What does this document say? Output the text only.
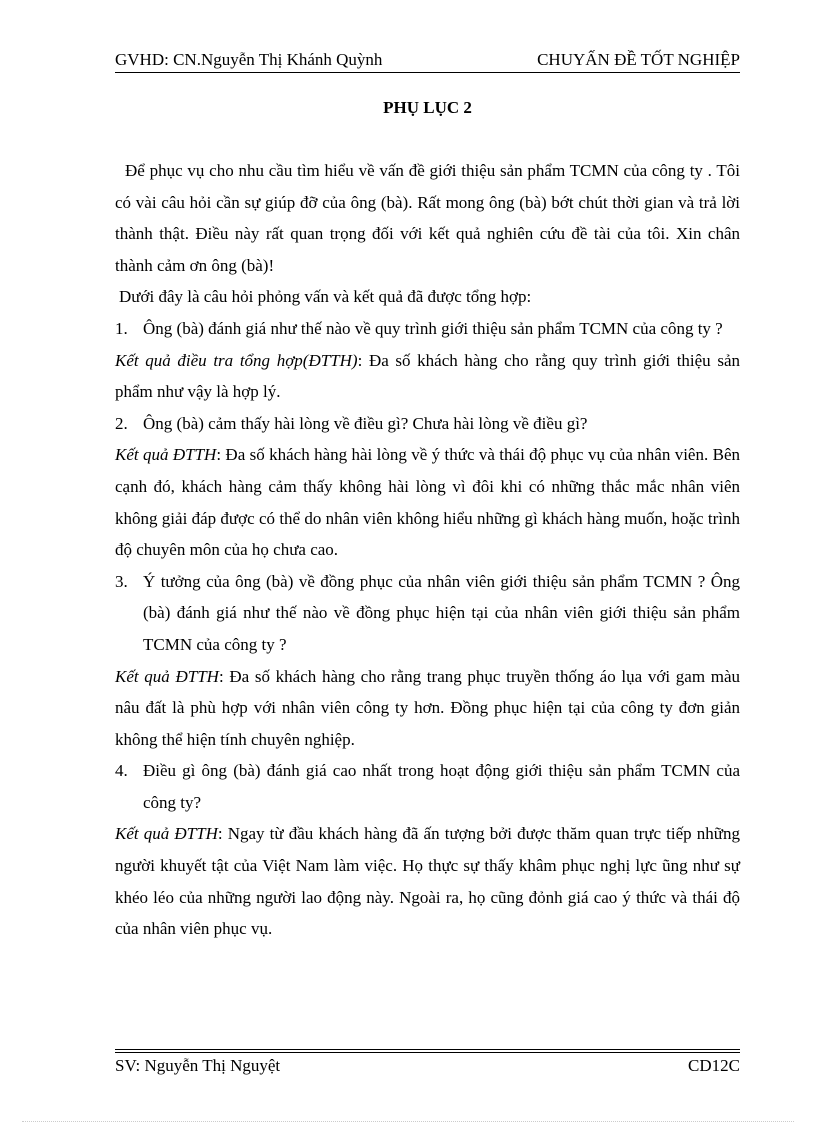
GVHD: CN.Nguyễn Thị Khánh Quỳnh	CHUYẤN ĐỀ TỐT NGHIỆP
PHỤ LỤC 2

Để phục vụ cho nhu cầu tìm hiểu về vấn đề giới thiệu sản phẩm TCMN của công ty . Tôi có vài câu hỏi cần sự giúp đỡ của ông (bà). Rất mong ông (bà) bớt chút thời gian và trả lời thành thật. Điều này rất quan trọng đối với kết quả nghiên cứu đề tài của tôi. Xin chân thành cảm ơn ông (bà)!

Dưới đây là câu hỏi phỏng vấn và kết quả đã được tổng hợp:

1. Ông (bà) đánh giá như thế nào về quy trình giới thiệu sản phẩm TCMN của công ty ?

Kết quả điều tra tổng hợp(ĐTTH): Đa số khách hàng cho rằng quy trình giới thiệu sản phẩm như vậy là hợp lý.

2. Ông (bà) cảm thấy hài lòng về điều gì? Chưa hài lòng về điều gì?

Kết quả ĐTTH: Đa số khách hàng hài lòng về ý thức và thái độ phục vụ của nhân viên. Bên cạnh đó, khách hàng cảm thấy không hài lòng vì đôi khi có những thắc mắc nhân viên không giải đáp được có thể do nhân viên không hiểu những gì khách hàng muốn, hoặc trình độ chuyên môn của họ chưa cao.

3. Ý tưởng của ông (bà) về đồng phục của nhân viên giới thiệu sản phẩm TCMN ? Ông (bà) đánh giá như thế nào về đồng phục hiện tại của nhân viên giới thiệu sản phẩm TCMN của công ty ?

Kết quả ĐTTH: Đa số khách hàng cho rằng trang phục truyền thống áo lụa với gam màu nâu đất là phù hợp với nhân viên công ty hơn. Đồng phục hiện tại của công ty đơn giản không thể hiện tính chuyên nghiệp.

4. Điều gì ông (bà) đánh giá cao nhất trong hoạt động giới thiệu sản phẩm TCMN của công ty?

Kết quả ĐTTH: Ngay từ đầu khách hàng đã ấn tượng bởi được thăm quan trực tiếp những người khuyết tật của Việt Nam làm việc. Họ thực sự thấy khâm phục nghị lực ũng như sự khéo léo của những người lao động này. Ngoài ra, họ cũng đỏnh giá cao ý thức và thái độ của nhân viên phục vụ.

SV: Nguyễn Thị Nguyệt	CD12C
